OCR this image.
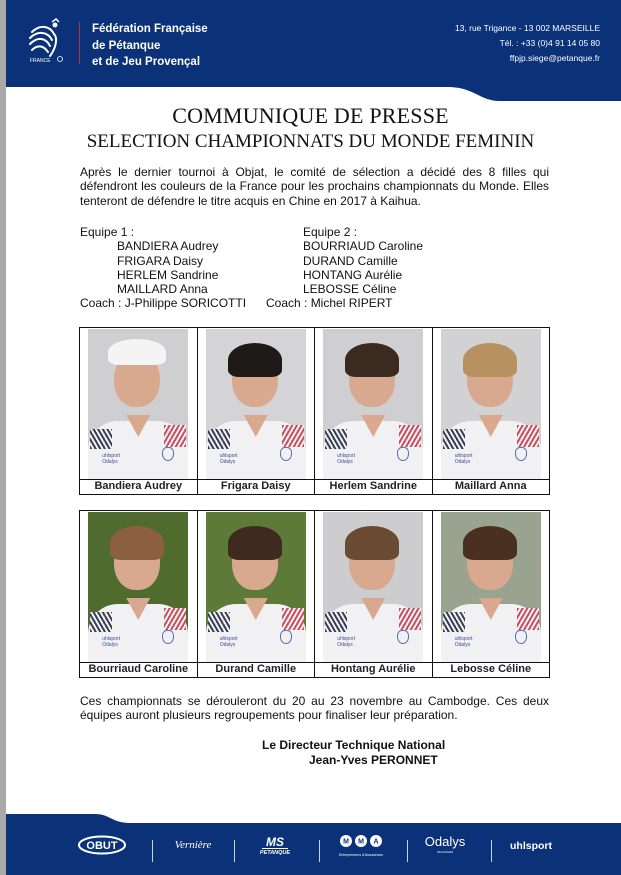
FRANCE
Fédération Française
de Pétanque
et de Jeu Provençal
13, rue Trigance - 13 002 MARSEILLE
Tél. : +33 (0)4 91 14 05 80
ffpjp.siege@petanque.fr
COMMUNIQUE DE PRESSE
SELECTION CHAMPIONNATS DU MONDE FEMININ

Après le dernier tournoi à Objat, le comité de sélection a décidé des 8 filles qui défendront les couleurs de la France pour les prochains championnats du Monde. Elles tenteront de défendre le titre acquis en Chine en 2017 à Kaihua.

Equipe 1 :
BANDIERA Audrey
FRIGARA Daisy
HERLEM Sandrine
MAILLARD Anna
Coach : J-Philippe SORICOTTI
Equipe 2 :
BOURRIAUD Caroline
DURAND Camille
HONTANG Aurélie
LEBOSSE Céline
Coach : Michel RIPERT
uhlsport
Odalys

uhlsport
Odalys

uhlsport
Odalys

uhlsport
Odalys

Bandiera Audrey	Frigara Daisy	Herlem Sandrine	Maillard Anna
uhlsport
Odalys

uhlsport
Odalys

uhlsport
Odalys

uhlsport
Odalys

Bourriaud Caroline	Durand Camille	Hontang Aurélie	Lebosse Céline

Ces championnats se dérouleront du 20 au 23 novembre au Cambodge. Ces deux équipes auront plusieurs regroupements pour finaliser leur préparation.

Le Directeur Technique National
Jean-Yves PERONNET
OBUT	Vernière	MS
PETANQUE
M M A
Entrepreneurs d'Assurances
Odalys
VACANCES	uhlsport
